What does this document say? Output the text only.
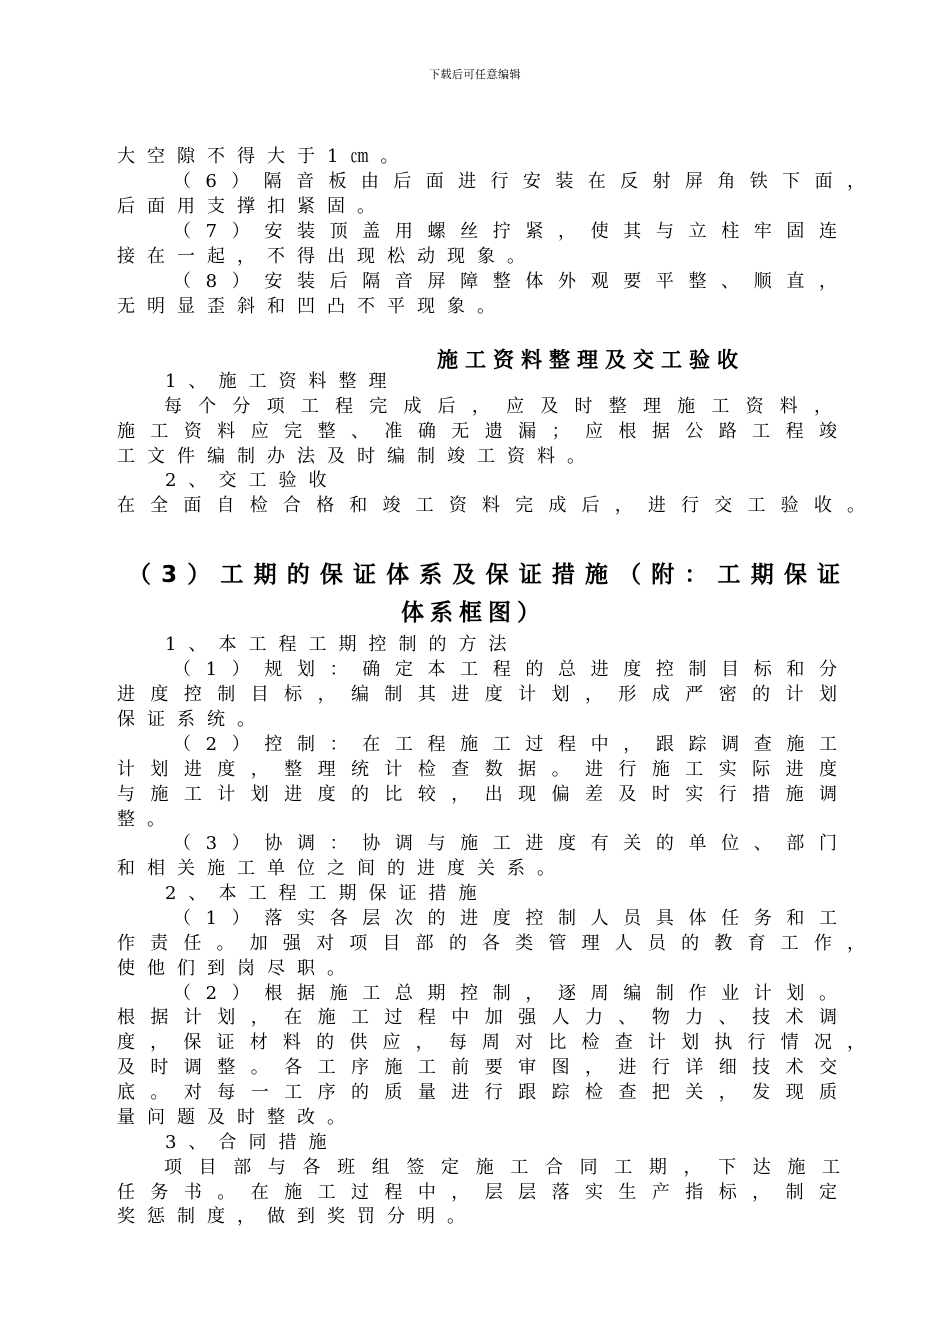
下载后可任意编辑
大空隙不得大于1㎝。
（6）隔音板由后面进行安装在反射屏角铁下面，
后面用支撑扣紧固。
（7）安装顶盖用螺丝拧紧，使其与立柱牢固连
接在一起，不得出现松动现象。
（8）安装后隔音屏障整体外观要平整、顺直，
无明显歪斜和凹凸不平现象。
施工资料整理及交工验收
1、施工资料整理
每个分项工程完成后，应及时整理施工资料，
施工资料应完整、准确无遗漏；应根据公路工程竣
工文件编制办法及时编制竣工资料。
2、交工验收
在全面自检合格和竣工资料完成后，进行交工验收。
（3）工期的保证体系及保证措施（附：工期保证
体系框图）
1、本工程工期控制的方法
（1）规划：确定本工程的总进度控制目标和分
进度控制目标，编制其进度计划，形成严密的计划
保证系统。
（2）控制：在工程施工过程中，跟踪调查施工
计划进度，整理统计检查数据。进行施工实际进度
与施工计划进度的比较，出现偏差及时实行措施调
整。
（3）协调：协调与施工进度有关的单位、部门
和相关施工单位之间的进度关系。
2、本工程工期保证措施
（1）落实各层次的进度控制人员具体任务和工
作责任。加强对项目部的各类管理人员的教育工作，
使他们到岗尽职。
（2）根据施工总期控制，逐周编制作业计划。
根据计划，在施工过程中加强人力、物力、技术调
度，保证材料的供应，每周对比检查计划执行情况，
及时调整。各工序施工前要审图，进行详细技术交
底。对每一工序的质量进行跟踪检查把关，发现质
量问题及时整改。
3、合同措施
项目部与各班组签定施工合同工期，下达施工
任务书。在施工过程中，层层落实生产指标，制定
奖惩制度，做到奖罚分明。
